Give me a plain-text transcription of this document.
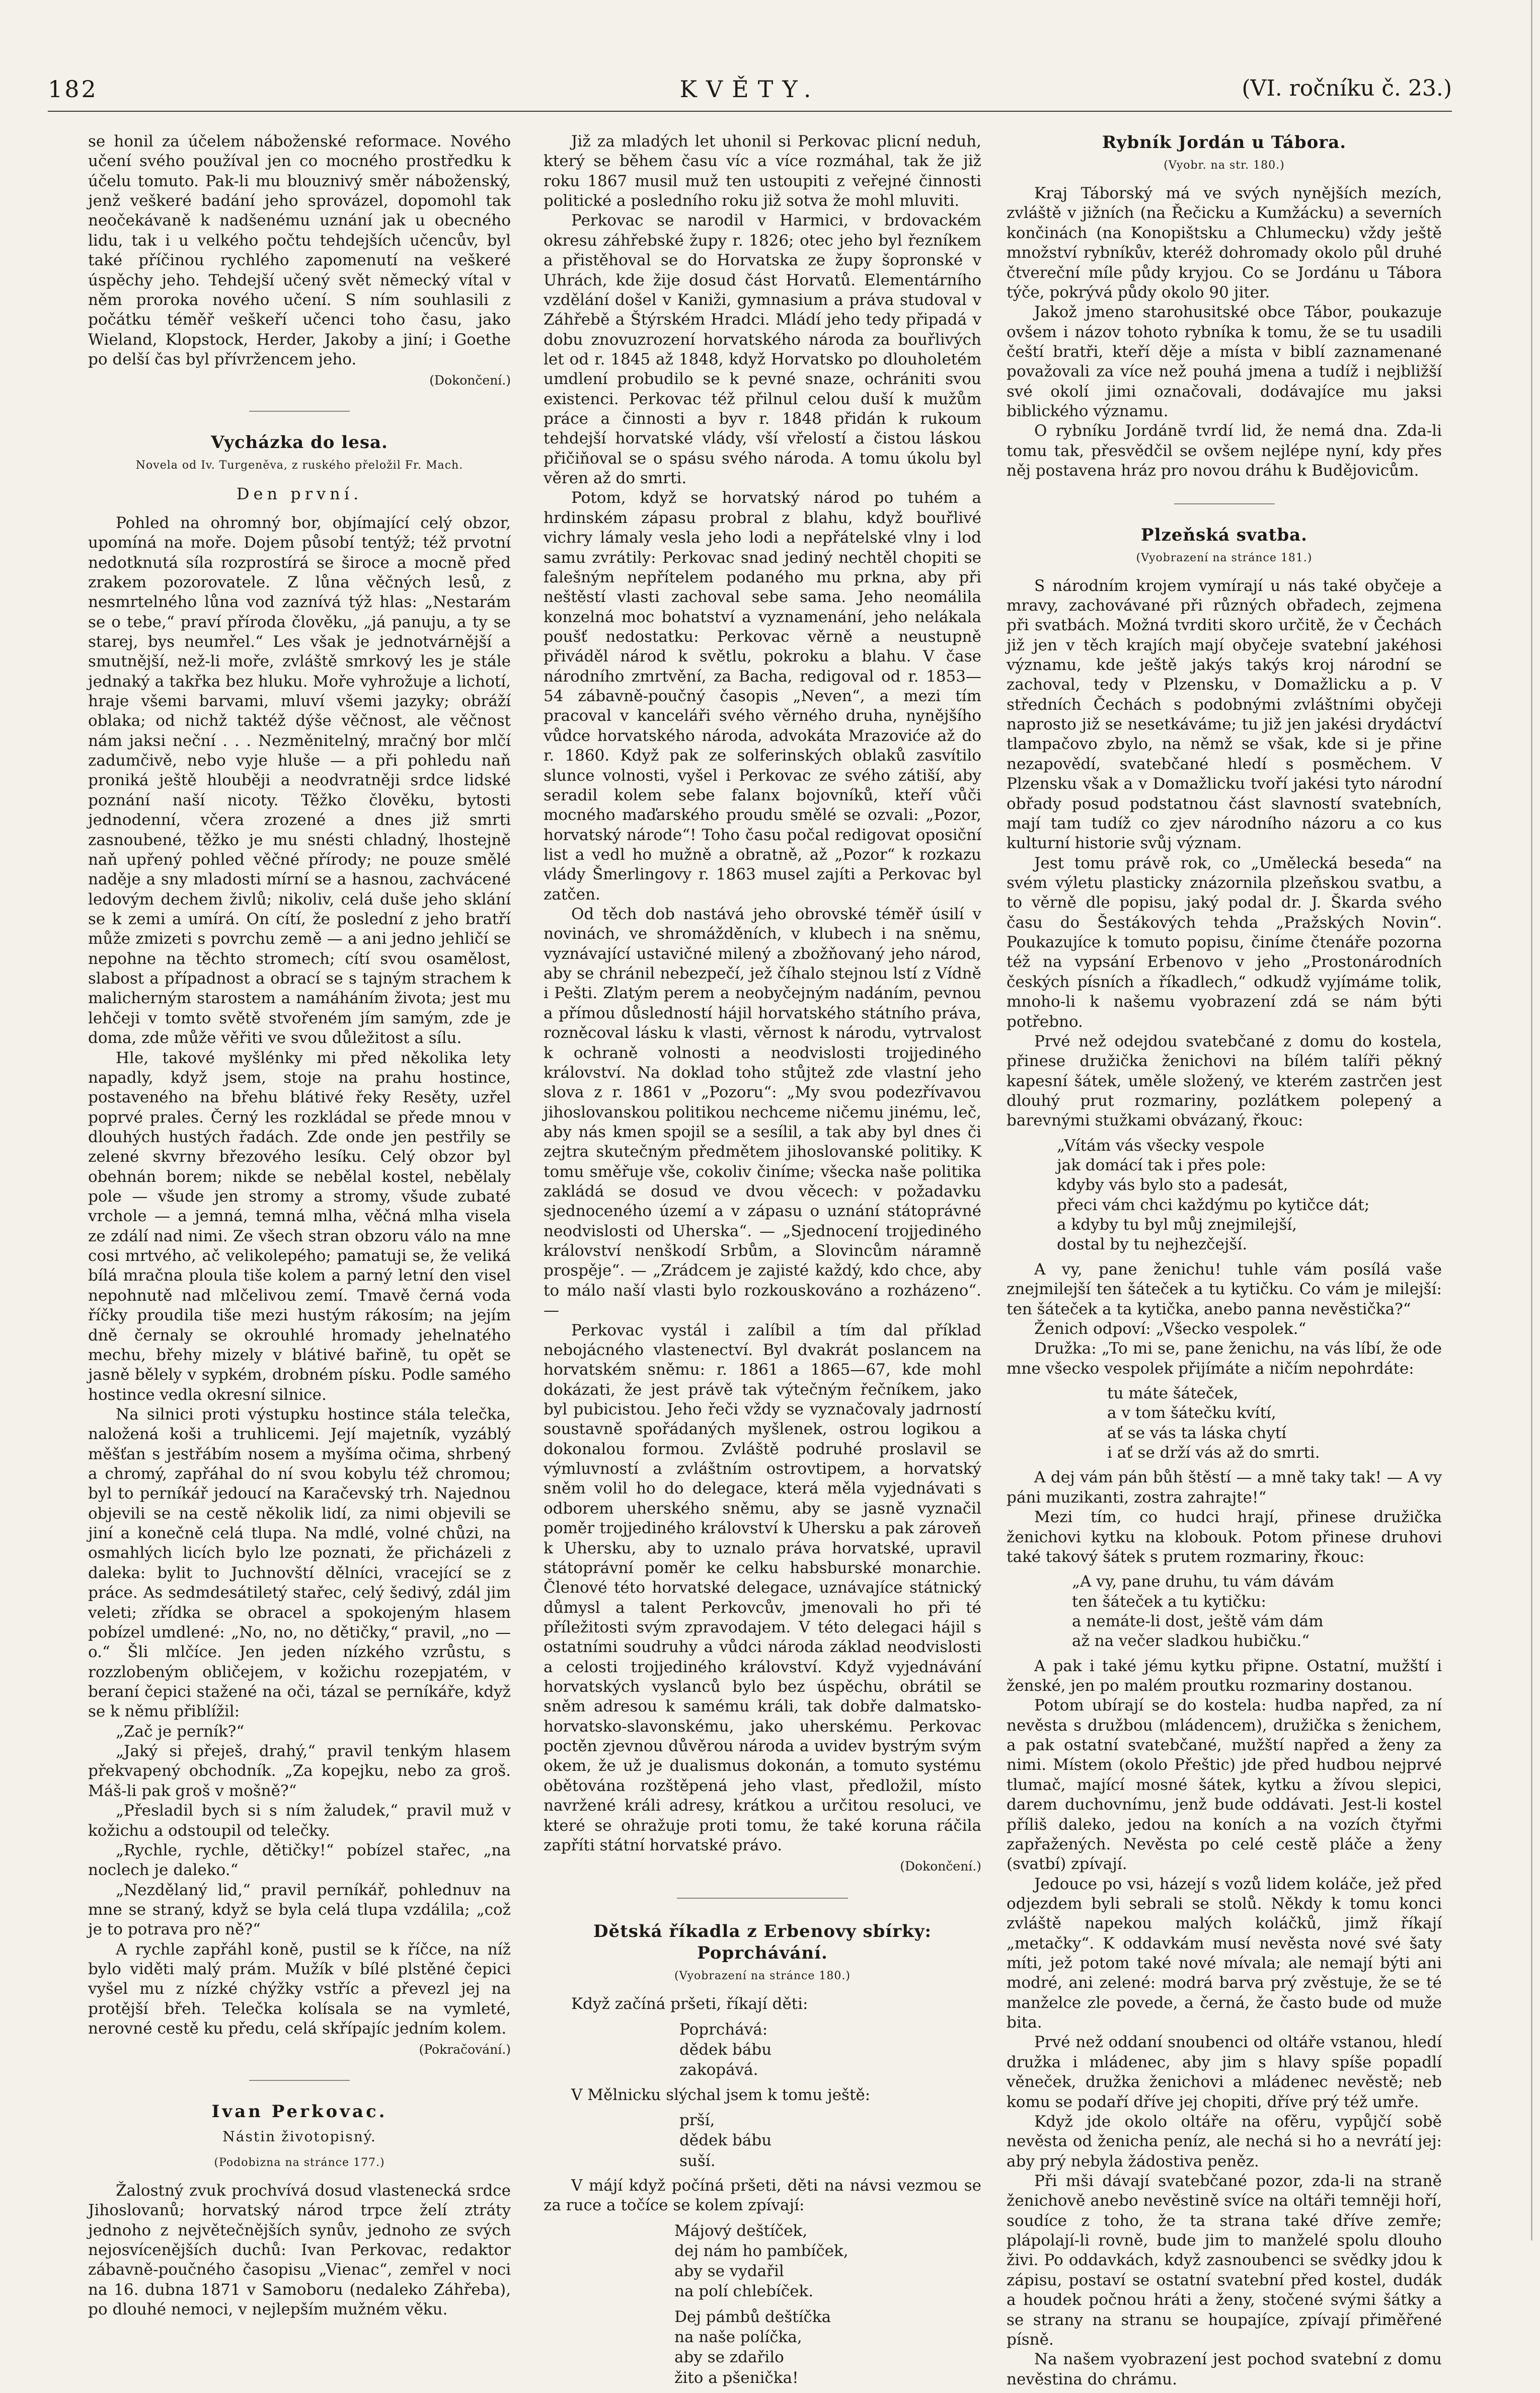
KVĚTY.
182	(VI. ročníku č. 23.)

se honil za účelem náboženské reformace. Nového učení svého používal jen co mocného prostředku k účelu tomuto. Pak-li mu blouznivý směr náboženský, jenž veškeré badání jeho sprovázel, dopomohl tak neočekávaně k nadšenému uznání jak u obecného lidu, tak i u velkého počtu tehdejších učencův, byl také příčinou rychlého zapomenutí na veškeré úspěchy jeho. Tehdejší učený svět německý vítal v něm proroka nového učení. S ním souhlasili z počátku téměř veškeří učenci toho času, jako Wieland, Klopstock, Herder, Jakoby a jiní; i Goethe po delší čas byl přívržencem jeho.

(Dokončení.)
Vycházka do lesa.
Novela od Iv. Turgeněva, z ruského přeložil Fr. Mach.
Den první.

Pohled na ohromný bor, objímající celý obzor, upomíná na moře. Dojem působí tentýž; též prvotní nedotknutá síla rozprostírá se široce a mocně před zrakem pozorovatele. Z lůna věčných lesů, z nesmrtelného lůna vod zaznívá týž hlas: „Nestarám se o tebe,“ praví příroda člověku, „já panuju, a ty se starej, bys neumřel.“ Les však je jednotvárnější a smutnější, než-li moře, zvláště smrkový les je stále jednaký a takřka bez hluku. Moře vyhrožuje a lichotí, hraje všemi barvami, mluví všemi jazyky; obráží oblaka; od nichž taktéž dýše věčnost, ale věčnost nám jaksi neční . . . Nezměnitelný, mračný bor mlčí zadumčivě, nebo vyje hluše — a při pohledu naň proniká ještě hlouběji a neodvratněji srdce lidské poznání naší nicoty. Těžko člověku, bytosti jednodenní, včera zrozené a dnes již smrti zasnoubené, těžko je mu snésti chladný, lhostejně naň upřený pohled věčné přírody; ne pouze smělé naděje a sny mladosti mírní se a hasnou, zachvácené ledovým dechem živlů; nikoliv, celá duše jeho sklání se k zemi a umírá. On cítí, že poslední z jeho bratří může zmizeti s povrchu země — a ani jedno jehličí se nepohne na těchto stromech; cítí svou osamělost, slabost a případnost a obrací se s tajným strachem k malicherným starostem a namáháním života; jest mu lehčeji v tomto světě stvořeném jím samým, zde je doma, zde může věřiti ve svou důležitost a sílu.

Hle, takové myšlénky mi před několika lety napadly, když jsem, stoje na prahu hostince, postaveného na břehu blátivé řeky Resěty, uzřel poprvé prales. Černý les rozkládal se přede mnou v dlouhých hustých řadách. Zde onde jen pestřily se zelené skvrny březového lesíku. Celý obzor byl obehnán borem; nikde se nebělal kostel, nebělaly pole — všude jen stromy a stromy, všude zubaté vrchole — a jemná, temná mlha, věčná mlha visela ze zdálí nad nimi. Ze všech stran obzoru válo na mne cosi mrtvého, ač velikolepého; pamatuji se, že veliká bílá mračna ploula tiše kolem a parný letní den visel nepohnutě nad mlčelivou zemí. Tmavě černá voda říčky proudila tiše mezi hustým rákosím; na jejím dně černaly se okrouhlé hromady jehelnatého mechu, břehy mizely v blátivé bařině, tu opět se jasně bělely v sypkém, drobném písku. Podle samého hostince vedla okresní silnice.

Na silnici proti výstupku hostince stála telečka, naložená koši a truhlicemi. Její majetník, vyzáblý měšťan s jestřábím nosem a myšíma očima, shrbený a chromý, zapřáhal do ní svou kobylu též chromou; byl to perníkář jedoucí na Karačevský trh. Najednou objevili se na cestě několik lidí, za nimi objevili se jiní a konečně celá tlupa. Na mdlé, volné chůzi, na osmahlých licích bylo lze poznati, že přicházeli z daleka: bylit to Juchnovští dělníci, vracející se z práce. As sedmdesátiletý stařec, celý šedivý, zdál jim veleti; zřídka se obracel a spokojeným hlasem pobízel umdlené: „No, no, no dětičky,“ pravil, „no — o.“ Šli mlčíce. Jen jeden nízkého vzrůstu, s rozzlobeným obličejem, v kožichu rozepjatém, v beraní čepici stažené na oči, tázal se perníkáře, když se k němu přiblížil:

„Zač je perník?“

„Jaký si přeješ, drahý,“ pravil tenkým hlasem překvapený obchodník. „Za kopejku, nebo za groš. Máš-li pak groš v mošně?“

„Přesladil bych si s ním žaludek,“ pravil muž v kožichu a odstoupil od telečky.

„Rychle, rychle, dětičky!“ pobízel stařec, „na noclech je daleko.“

„Nezdělaný lid,“ pravil perníkář, pohlednuv na mne se straný, když se byla celá tlupa vzdálila; „což je to potrava pro ně?“

A rychle zapřáhl koně, pustil se k říčce, na níž bylo viděti malý prám. Mužík v bílé plstěné čepici vyšel mu z nízké chýžky vstříc a převezl jej na protější břeh. Telečka kolísala se na vymleté, nerovné cestě ku předu, celá skřípajíc jedním kolem.

(Pokračování.)
Ivan Perkovac.
Nástin životopisný.
(Podobizna na stránce 177.)

Žalostný zvuk prochvívá dosud vlastenecká srdce Jihoslovanů; horvatský národ trpce želí ztráty jednoho z největečnějších synův, jednoho ze svých nejosvícenějších duchů: Ivan Perkovac, redaktor zábavně-poučného časopisu „Vienac“, zemřel v noci na 16. dubna 1871 v Samoboru (nedaleko Záhřeba), po dlouhé nemoci, v nejlepším mužném věku.

Již za mladých let uhonil si Perkovac plicní neduh, který se během času víc a více rozmáhal, tak že již roku 1867 musil muž ten ustoupiti z veřejné činnosti politické a posledního roku již sotva že mohl mluviti.

Perkovac se narodil v Harmici, v brdovackém okresu záhřebské župy r. 1826; otec jeho byl řezníkem a přistěhoval se do Horvatska ze župy šopronské v Uhrách, kde žije dosud část Horvatů. Elementárního vzdělání došel v Kaniži, gymnasium a práva studoval v Záhřebě a Štýrském Hradci. Mládí jeho tedy připadá v dobu znovuzrození horvatského národa za bouřlivých let od r. 1845 až 1848, když Horvatsko po dlouholetém umdlení probudilo se k pevné snaze, ochrániti svou existenci. Perkovac též přilnul celou duší k mužům práce a činnosti a byv r. 1848 přidán k rukoum tehdejší horvatské vlády, vší vřelostí a čistou láskou přičiňoval se o spásu svého národa. A tomu úkolu byl věren až do smrti.

Potom, když se horvatský národ po tuhém a hrdinském zápasu probral z blahu, když bouřlivé vichry lámaly vesla jeho lodi a nepřátelské vlny i lod samu zvrátily: Perkovac snad jediný nechtěl chopiti se falešným nepřítelem podaného mu prkna, aby při neštěstí vlasti zachoval sebe sama. Jeho neomálila konzelná moc bohatství a vyznamenání, jeho nelákala poušť nedostatku: Perkovac věrně a neustupně přiváděl národ k světlu, pokroku a blahu. V čase národního zmrtvění, za Bacha, redigoval od r. 1853—54 zábavně-poučný časopis „Neven“, a mezi tím pracoval v kanceláři svého věrného druha, nynějšího vůdce horvatského národa, advokáta Mrazoviće až do r. 1860. Když pak ze solferinských oblaků zasvítilo slunce volnosti, vyšel i Perkovac ze svého zátiší, aby seradil kolem sebe falanx bojovníků, kteří vůči mocného maďarského proudu smělé se ozvali: „Pozor, horvatský národe“! Toho času počal redigovat oposiční list a vedl ho mužně a obratně, až „Pozor“ k rozkazu vlády Šmerlingovy r. 1863 musel zajíti a Perkovac byl zatčen.

Od těch dob nastává jeho obrovské téměř úsilí v novinách, ve shromážděních, v klubech i na sněmu, vyznávající ustavičné milený a zbožňovaný jeho národ, aby se chránil nebezpečí, jež číhalo stejnou lstí z Vídně i Pešti. Zlatým perem a neobyčejným nadáním, pevnou a přímou důsledností hájil horvatského státního práva, rozněcoval lásku k vlasti, věrnost k národu, vytrvalost k ochraně volnosti a neodvislosti trojjediného království. Na doklad toho stůjtež zde vlastní jeho slova z r. 1861 v „Pozoru“: „My svou podezřívavou jihoslovanskou politikou nechceme ničemu jinému, leč, aby nás kmen spojil se a sesílil, a tak aby byl dnes či zejtra skutečným předmětem jihoslovanské politiky. K tomu směřuje vše, cokoliv činíme; všecka naše politika zakládá se dosud ve dvou věcech: v požadavku sjednoceného území a v zápasu o uznání státoprávné neodvislosti od Uherska“. — „Sjednocení trojjediného království nenškodí Srbům, a Slovincům náramně prospěje“. — „Zrádcem je zajisté každý, kdo chce, aby to málo naší vlasti bylo rozkouskováno a rozházeno“. —

Perkovac vystál i zalíbil a tím dal příklad nebojácného vlastenectví. Byl dvakrát poslancem na horvatském sněmu: r. 1861 a 1865—67, kde mohl dokázati, že jest právě tak výtečným řečníkem, jako byl pubicistou. Jeho řeči vždy se vyznačovaly jadrností soustavně spořádaných myšlenek, ostrou logikou a dokonalou formou. Zvláště podruhé proslavil se výmluvností a zvláštním ostrovtipem, a horvatský sněm volil ho do delegace, která měla vyjednávati s odborem uherského sněmu, aby se jasně vyznačil poměr trojjediného království k Uhersku a pak zároveň k Uhersku, aby to uznalo práva horvatské, upravil státoprávní poměr ke celku habsburské monarchie. Členové této horvatské delegace, uznávajíce státnický důmysl a talent Perkovcův, jmenovali ho při té příležitosti svým zpravodajem. V této delegaci hájil s ostatními soudruhy a vůdci národa základ neodvislosti a celosti trojjediného království. Když vyjednávání horvatských vyslanců bylo bez úspěchu, obrátil se sněm adresou k samému králi, tak dobře dalmatsko-horvatsko-slavonskému, jako uherskému. Perkovac poctěn zjevnou důvěrou národa a uvidev bystrým svým okem, že už je dualismus dokonán, a tomuto systému obětována rozštěpená jeho vlast, předložil, místo navržené králi adresy, krátkou a určitou resoluci, ve které se ohražuje proti tomu, že také koruna ráčila zapříti státní horvatské právo.

(Dokončení.)
Dětská říkadla z Erbenovy sbírky: Poprchávání.
(Vyobrazení na stránce 180.)

Když začíná pršeti, říkají děti:

Poprchává:
dědek bábu
zakopává.

V Mělnicku slýchal jsem k tomu ještě:

prší,
dědek bábu
suší.

V májí když počíná pršeti, děti na návsi vezmou se za ruce a točíce se kolem zpívají:

Májový deštíček,
dej nám ho pambíček,
aby se vydařil
na polí chlebíček.
Dej pámbů deštíčka
na naše políčka,
aby se zdařilo
žito a pšenička!
Rybník Jordán u Tábora.
(Vyobr. na str. 180.)

Kraj Táborský má ve svých nynějších mezích, zvláště v jižních (na Řečicku a Kumžácku) a severních končinách (na Konopištsku a Chlumecku) vždy ještě množství rybníkův, kteréž dohromady okolo půl druhé čtvereční míle půdy kryjou. Co se Jordánu u Tábora týče, pokrývá půdy okolo 90 jiter.

Jakož jmeno starohusitské obce Tábor, poukazuje ovšem i názov tohoto rybníka k tomu, že se tu usadili čeští bratři, kteří děje a místa v biblí zaznamenané považovali za více než pouhá jmena a tudíž i nejbližší své okolí jimi označovali, dodávajíce mu jaksi biblického významu.

O rybníku Jordánĕ tvrdí lid, že nemá dna. Zda-li tomu tak, přesvědčil se ovšem nejlépe nyní, kdy přes něj postavena hráz pro novou dráhu k Budějovicům.

Plzeňská svatba.
(Vyobrazení na stránce 181.)

S národním krojem vymírají u nás také obyčeje a mravy, zachovávané při různých obřadech, zejmena při svatbách. Možná tvrditi skoro určitě, že v Čechách již jen v těch krajích mají obyčeje svatební jakéhosi významu, kde ještě jakýs takýs kroj národní se zachoval, tedy v Plzensku, v Domažlicku a p. V středních Čechách s podobnými zvláštními obyčeji naprosto již se nesetkáváme; tu již jen jakési drydáctví tlampačovo zbylo, na němž se však, kde si je přine nezapovědí, svatebčané hledí s posměchem. V Plzensku však a v Domažlicku tvoří jakési tyto národní obřady posud podstatnou část slavností svatebních, mají tam tudíž co zjev národního názoru a co kus kulturní historie svůj význam.

Jest tomu právě rok, co „Umělecká beseda“ na svém výletu plasticky znázornila plzeňskou svatbu, a to věrně dle popisu, jaký podal dr. J. Škarda svého času do Šestákových tehda „Pražských Novin“. Poukazujíce k tomuto popisu, činíme čtenáře pozorna též na vypsání Erbenovo v jeho „Prostonárodních českých písních a říkadlech,“ odkudž vyjímáme tolik, mnoho-li k našemu vyobrazení zdá se nám býti potřebno.

Prvé než odejdou svatebčané z domu do kostela, přinese družička ženichovi na bílém talíři pěkný kapesní šátek, uměle složený, ve kterém zastrčen jest dlouhý prut rozmariny, pozlátkem polepený a barevnými stužkami obvázaný, řkouc:

„Vítám vás všecky vespole
jak domácí tak i přes pole:
kdyby vás bylo sto a padesát,
přeci vám chci každýmu po kytičce dát;
a kdyby tu byl můj znejmilejší,
dostal by tu nejhezčejší.

A vy, pane ženichu! tuhle vám posílá vaše znejmilejší ten šáteček a tu kytičku. Co vám je milejší: ten šáteček a ta kytička, anebo panna nevěstička?“

Ženich odpoví: „Všecko vespolek.“

Družka: „To mi se, pane ženichu, na vás líbí, že ode mne všecko vespolek přijímáte a ničím nepohrdáte:

tu máte šáteček,
a v tom šátečku kvítí,
ať se vás ta láska chytí
i ať se drží vás až do smrti.

A dej vám pán bůh štěstí — a mně taky tak! — A vy páni muzikanti, zostra zahrajte!“

Mezi tím, co hudci hrají, přinese družička ženichovi kytku na klobouk. Potom přinese druhovi také takový šátek s prutem rozmariny, řkouc:

„A vy, pane druhu, tu vám dávám
ten šáteček a tu kytičku:
a nemáte-li dost, ještě vám dám
až na večer sladkou hubičku.“

A pak i také jému kytku připne. Ostatní, mužští i ženské, jen po malém proutku rozmariny dostanou.

Potom ubírají se do kostela: hudba napřed, za ní nevěsta s družbou (mládencem), družička s ženichem, a pak ostatní svatebčané, mužští napřed a ženy za nimi. Místem (okolo Přeštic) jde před hudbou nejprvé tlumač, mající mosné šátek, kytku a žívou slepici, darem duchovnímu, jenž bude oddávati. Jest-li kostel příliš daleko, jedou na koních a na vozích čtyřmi zapřažených. Nevěsta po celé cestě pláče a ženy (svatbí) zpívají.

Jedouce po vsi, házejí s vozů lidem koláče, jež před odjezdem byli sebrali se stolů. Někdy k tomu konci zvláště napekou malých koláčků, jimž říkají „metačky“. K oddavkám musí nevěsta nové své šaty míti, jež potom také nové mívala; ale nemají býti ani modré, ani zelené: modrá barva prý zvěstuje, že se té manželce zle povede, a černá, že často bude od muže bita.

Prvé než oddaní snoubenci od oltáře vstanou, hledí družka i mládenec, aby jim s hlavy spíše popadlí věneček, družka ženichovi a mládenec nevěstě; neb komu se podaří dříve jej chopiti, dříve prý též umře.

Když jde okolo oltáře na ofěru, vypůjčí sobě nevěsta od ženicha peníz, ale nechá si ho a nevrátí jej: aby prý nebyla žádostiva peněz.

Při mši dávají svatebčané pozor, zda-li na straně ženichově anebo nevěstině svíce na oltáři temněji hoří, soudíce z toho, že ta strana také dříve zemře; plápolají-li rovně, bude jim to manželé spolu dlouho živi. Po oddavkách, když zasnoubenci se svědky jdou k zápisu, postaví se ostatní svatební před kostel, dudák a houdek počnou hráti a ženy, stočené svými šátky a se strany na stranu se houpajíce, zpívají přiměřené písně.

Na našem vyobrazení jest pochod svatební z domu nevěstina do chrámu.
